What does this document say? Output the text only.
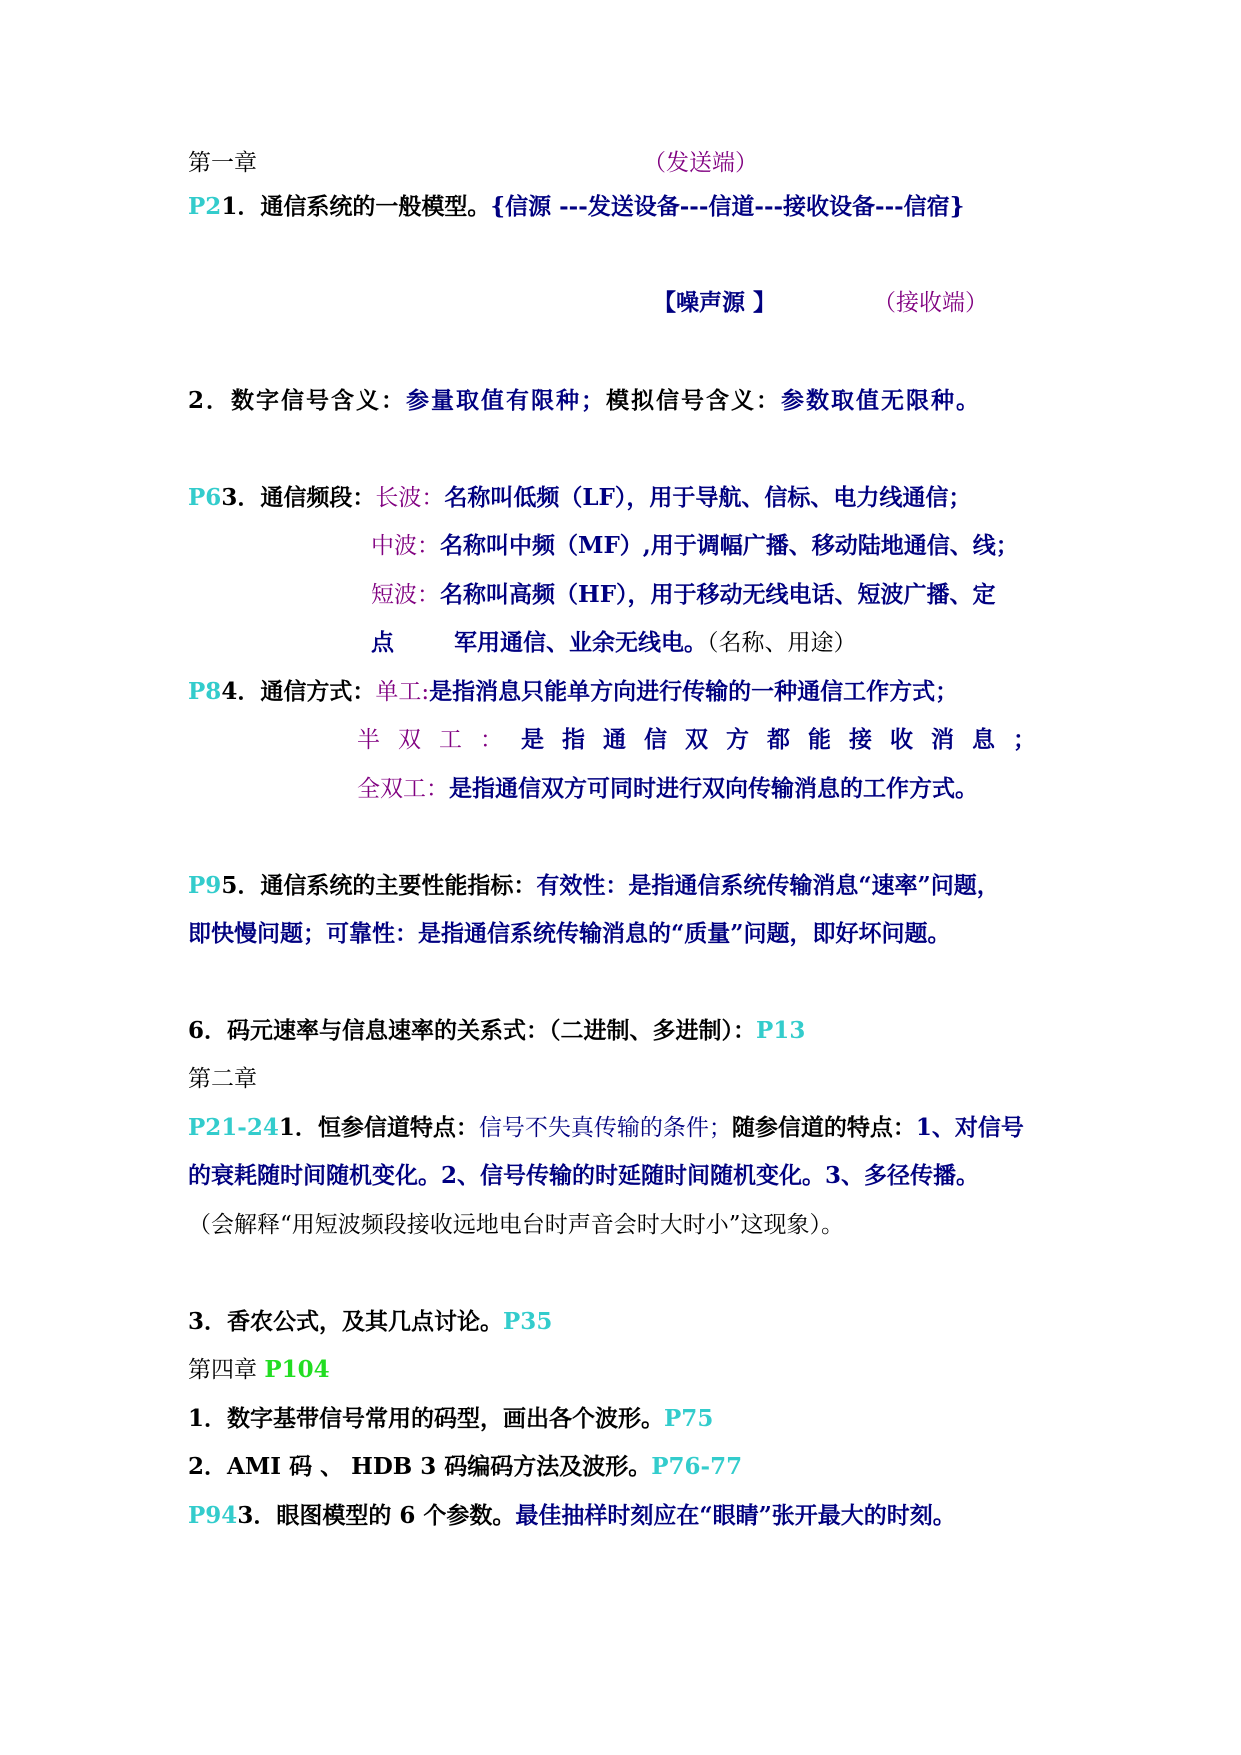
第一章	（发送端）
P21．通信系统的一般模型。{信源 ---发送设备---信道---接收设备---信宿}
【噪声源 】	（接收端）
2．数字信号含义：参量取值有限种；模拟信号含义：参数取值无限种。
P63．通信频段：长波：名称叫低频（LF），用于导航、信标、电力线通信；
中波：名称叫中频（MF）,用于调幅广播、移动陆地通信、线；
短波：名称叫高频（HF），用于移动无线电话、短波广播、定
点	军用通信、业余无线电。（名称、用途）
P84．通信方式：单工:是指消息只能单方向进行传输的一种通信工作方式；
半双工：是指通信双方都能接收消息；
全双工：是指通信双方可同时进行双向传输消息的工作方式。
P95．通信系统的主要性能指标：有效性：是指通信系统传输消息“速率”问题，
即快慢问题；可靠性：是指通信系统传输消息的“质量”问题，即好坏问题。
6．码元速率与信息速率的关系式：（二进制、多进制）：P13
第二章
P21-241．恒参信道特点：信号不失真传输的条件；随参信道的特点：1、对信号
的衰耗随时间随机变化。2、信号传输的时延随时间随机变化。3、多径传播。
（会解释“用短波频段接收远地电台时声音会时大时小”这现象）。
3．香农公式，及其几点讨论。P35
第四章 P104
1．数字基带信号常用的码型，画出各个波形。P75
2．AMI 码 、 HDB 3 码编码方法及波形。P76-77
P943．眼图模型的 6 个参数。最佳抽样时刻应在“眼睛”张开最大的时刻。
